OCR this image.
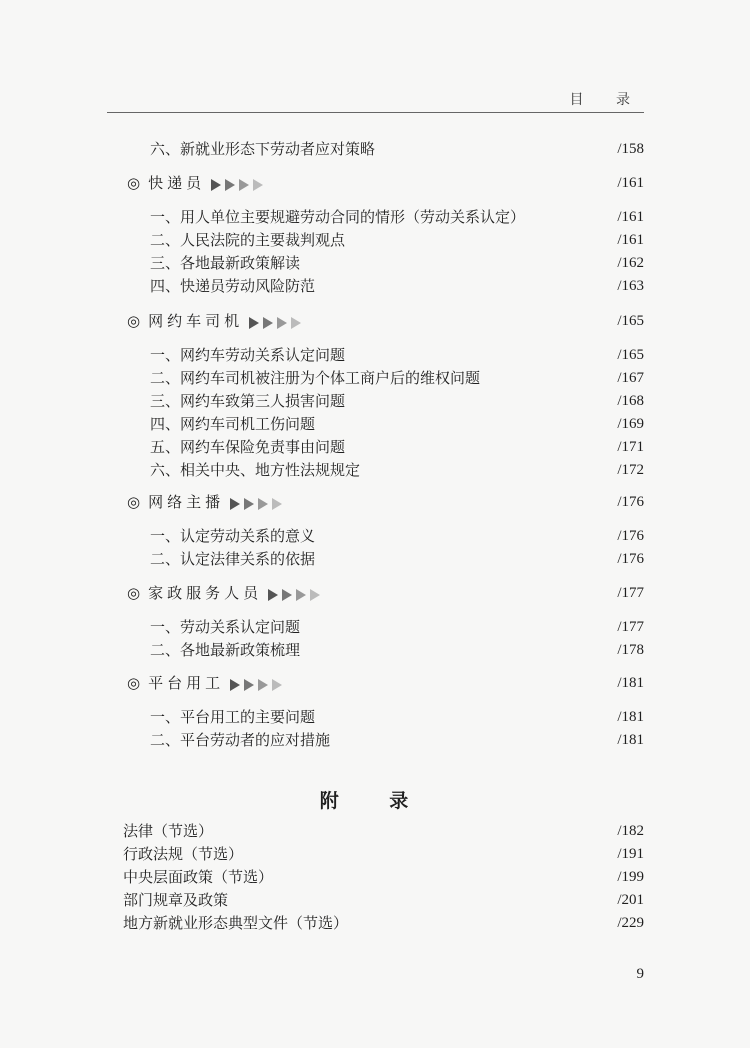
目 录
六、新就业形态下劳动者应对策略	/158
◎ 快递员	/161
一、用人单位主要规避劳动合同的情形（劳动关系认定）	/161
二、人民法院的主要裁判观点	/161
三、各地最新政策解读	/162
四、快递员劳动风险防范	/163
◎ 网约车司机	/165
一、网约车劳动关系认定问题	/165
二、网约车司机被注册为个体工商户后的维权问题	/167
三、网约车致第三人损害问题	/168
四、网约车司机工伤问题	/169
五、网约车保险免责事由问题	/171
六、相关中央、地方性法规规定	/172
◎ 网络主播	/176
一、认定劳动关系的意义	/176
二、认定法律关系的依据	/176
◎ 家政服务人员	/177
一、劳动关系认定问题	/177
二、各地最新政策梳理	/178
◎ 平台用工	/181
一、平台用工的主要问题	/181
二、平台劳动者的应对措施	/181
附 录
法律（节选）	/182
行政法规（节选）	/191
中央层面政策（节选）	/199
部门规章及政策	/201
地方新就业形态典型文件（节选）	/229
9
